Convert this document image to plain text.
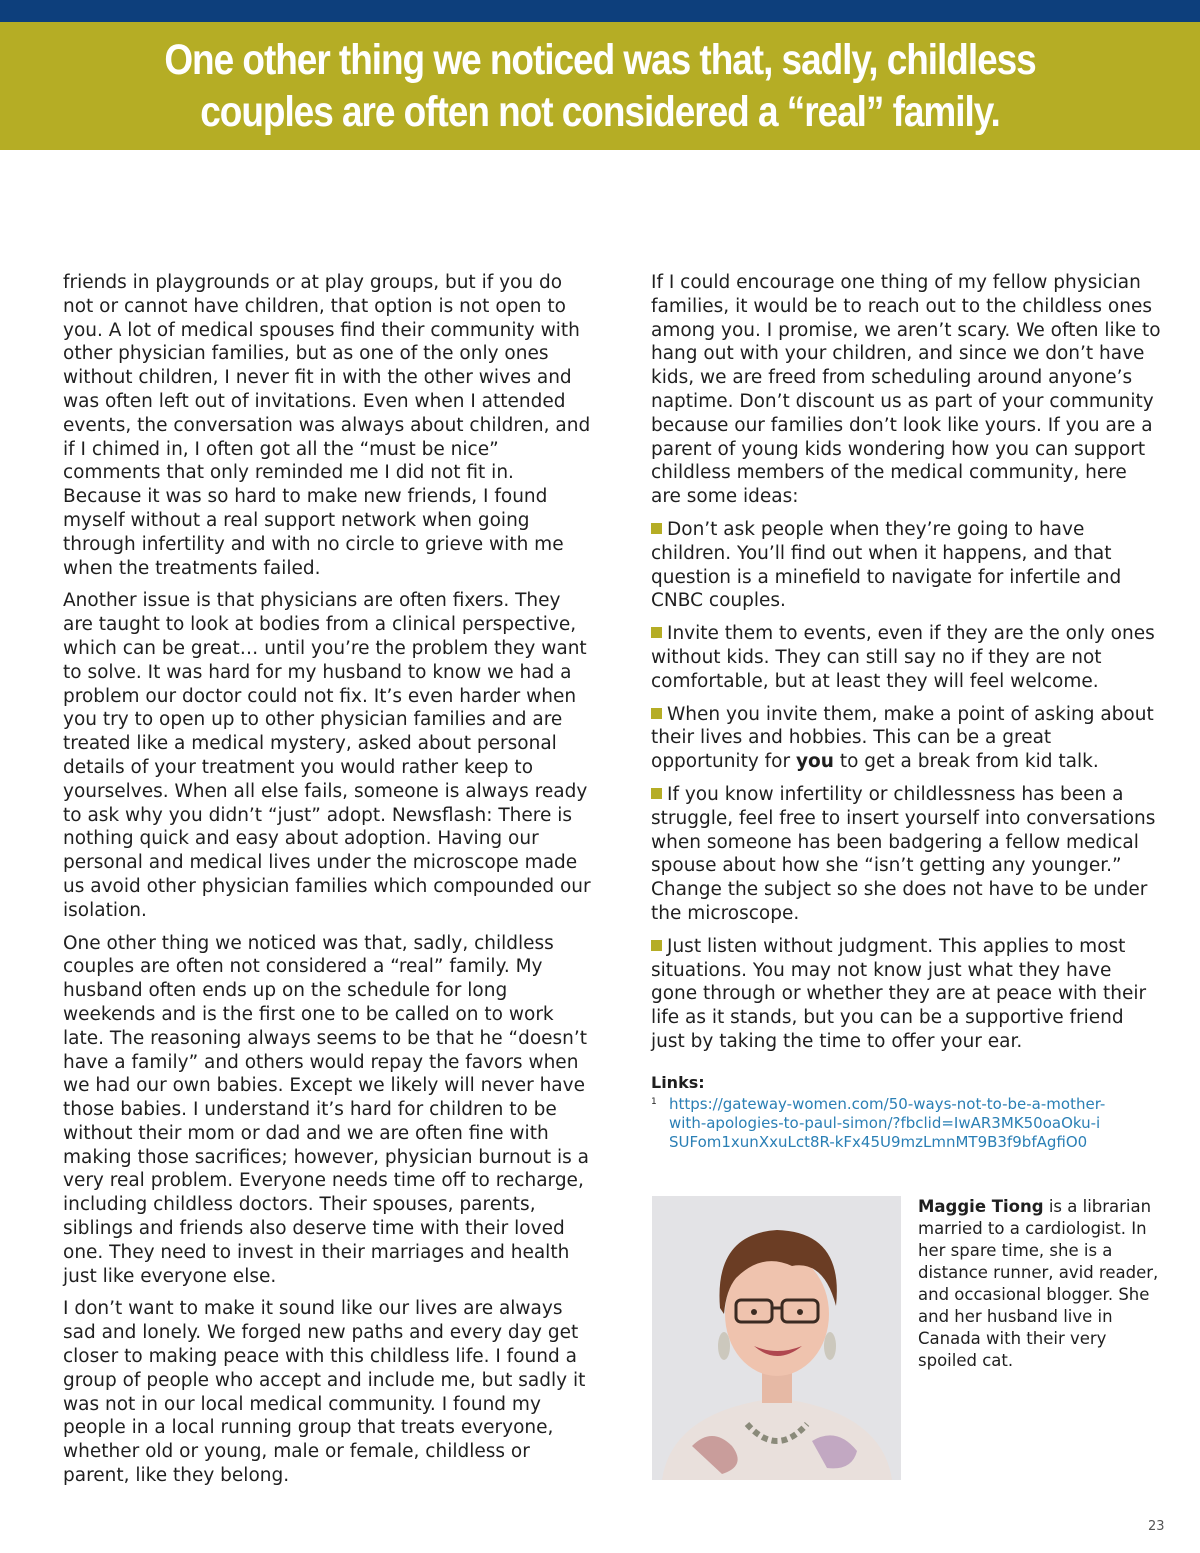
One other thing we noticed was that, sadly, childless couples are often not considered a “real” family.

friends in playgrounds or at play groups, but if you do not or cannot have children, that option is not open to you. A lot of medical spouses find their community with other physician families, but as one of the only ones without children, I never fit in with the other wives and was often left out of invitations. Even when I attended events, the conversation was always about children, and if I chimed in, I often got all the “must be nice” comments that only reminded me I did not fit in. Because it was so hard to make new friends, I found myself without a real support network when going through infertility and with no circle to grieve with me when the treatments failed.

Another issue is that physicians are often fixers. They are taught to look at bodies from a clinical perspective, which can be great… until you’re the problem they want to solve. It was hard for my husband to know we had a problem our doctor could not fix. It’s even harder when you try to open up to other physician families and are treated like a medical mystery, asked about personal details of your treatment you would rather keep to yourselves. When all else fails, someone is always ready to ask why you didn’t “just” adopt. Newsflash: There is nothing quick and easy about adoption. Having our personal and medical lives under the microscope made us avoid other physician families which compounded our isolation.

One other thing we noticed was that, sadly, childless couples are often not considered a “real” family. My husband often ends up on the schedule for long weekends and is the first one to be called on to work late. The reasoning always seems to be that he “doesn’t have a family” and others would repay the favors when we had our own babies. Except we likely will never have those babies. I understand it’s hard for children to be without their mom or dad and we are often fine with making those sacrifices; however, physician burnout is a very real problem. Everyone needs time off to recharge, including childless doctors. Their spouses, parents, siblings and friends also deserve time with their loved one. They need to invest in their marriages and health just like everyone else.

I don’t want to make it sound like our lives are always sad and lonely. We forged new paths and every day get closer to making peace with this childless life. I found a group of people who accept and include me, but sadly it was not in our local medical community. I found my people in a local running group that treats everyone, whether old or young, male or female, childless or parent, like they belong.

If I could encourage one thing of my fellow physician families, it would be to reach out to the childless ones among you. I promise, we aren’t scary. We often like to hang out with your children, and since we don’t have kids, we are freed from scheduling around anyone’s naptime. Don’t discount us as part of your community because our families don’t look like yours. If you are a parent of young kids wondering how you can support childless members of the medical community, here are some ideas:

Don’t ask people when they’re going to have children. You’ll find out when it happens, and that question is a minefield to navigate for infertile and CNBC couples.

Invite them to events, even if they are the only ones without kids. They can still say no if they are not comfortable, but at least they will feel welcome.

When you invite them, make a point of asking about their lives and hobbies. This can be a great opportunity for you to get a break from kid talk.

If you know infertility or childlessness has been a struggle, feel free to insert yourself into conversations when someone has been badgering a fellow medical spouse about how she “isn’t getting any younger.” Change the subject so she does not have to be under the microscope.

Just listen without judgment. This applies to most situations. You may not know just what they have gone through or whether they are at peace with their life as it stands, but you can be a supportive friend just by taking the time to offer your ear.

Links:
1 https://gateway-women.com/50-ways-not-to-be-a-mother-with-apologies-to-paul-simon/?fbclid=IwAR3MK50oaOku-iSUFom1xunXxuLct8R-kFx45U9mzLmnMT9B3f9bfAgfiO0
Maggie Tiong is a librarian married to a cardiologist. In her spare time, she is a distance runner, avid reader, and occasional blogger. She and her husband live in Canada with their very spoiled cat.
23
